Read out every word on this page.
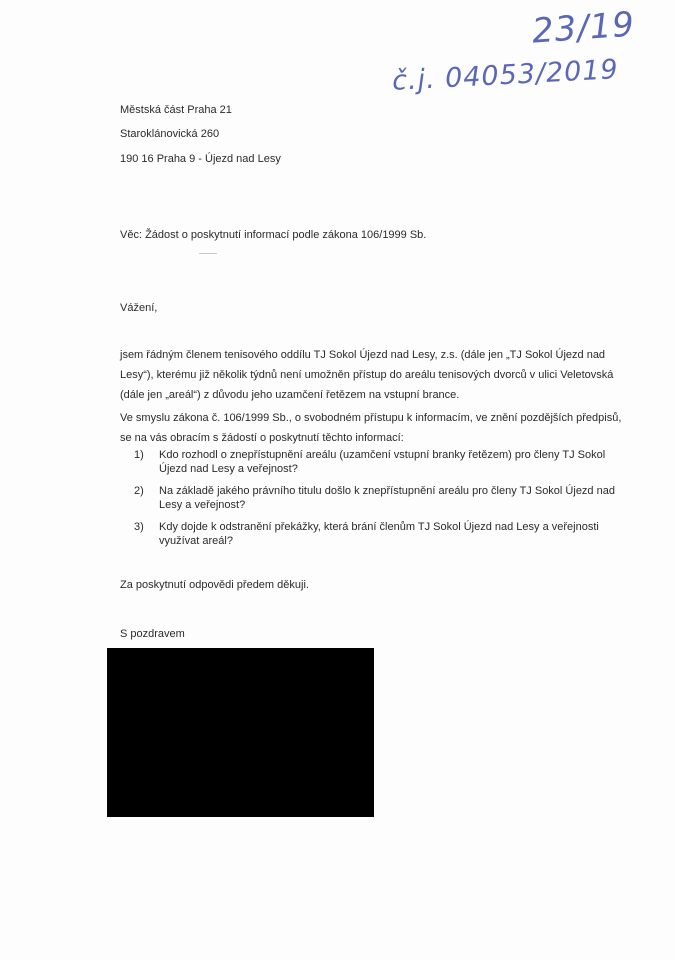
23/19
č.j. 04053/2019
Městská část Praha 21
Staroklánovická 260
190 16 Praha 9 - Újezd nad Lesy
Věc: Žádost o poskytnutí informací podle zákona 106/1999 Sb.
Vážení,
jsem řádným členem tenisového oddílu TJ Sokol Újezd nad Lesy, z.s. (dále jen „TJ Sokol Újezd nad Lesy“), kterému již několik týdnů není umožněn přístup do areálu tenisových dvorců v ulici Veletovská (dále jen „areál“) z důvodu jeho uzamčení řetězem na vstupní brance.
Ve smyslu zákona č. 106/1999 Sb., o svobodném přístupu k informacím, ve znění pozdějších předpisů, se na vás obracím s žádostí o poskytnutí těchto informací:
1) Kdo rozhodl o znepřístupnění areálu (uzamčení vstupní branky řetězem) pro členy TJ Sokol Újezd nad Lesy a veřejnost?
2) Na základě jakého právního titulu došlo k znepřístupnění areálu pro členy TJ Sokol Újezd nad Lesy a veřejnost?
3) Kdy dojde k odstranění překážky, která brání členům TJ Sokol Újezd nad Lesy a veřejnosti využívat areál?
Za poskytnutí odpovědi předem děkuji.
S pozdravem
